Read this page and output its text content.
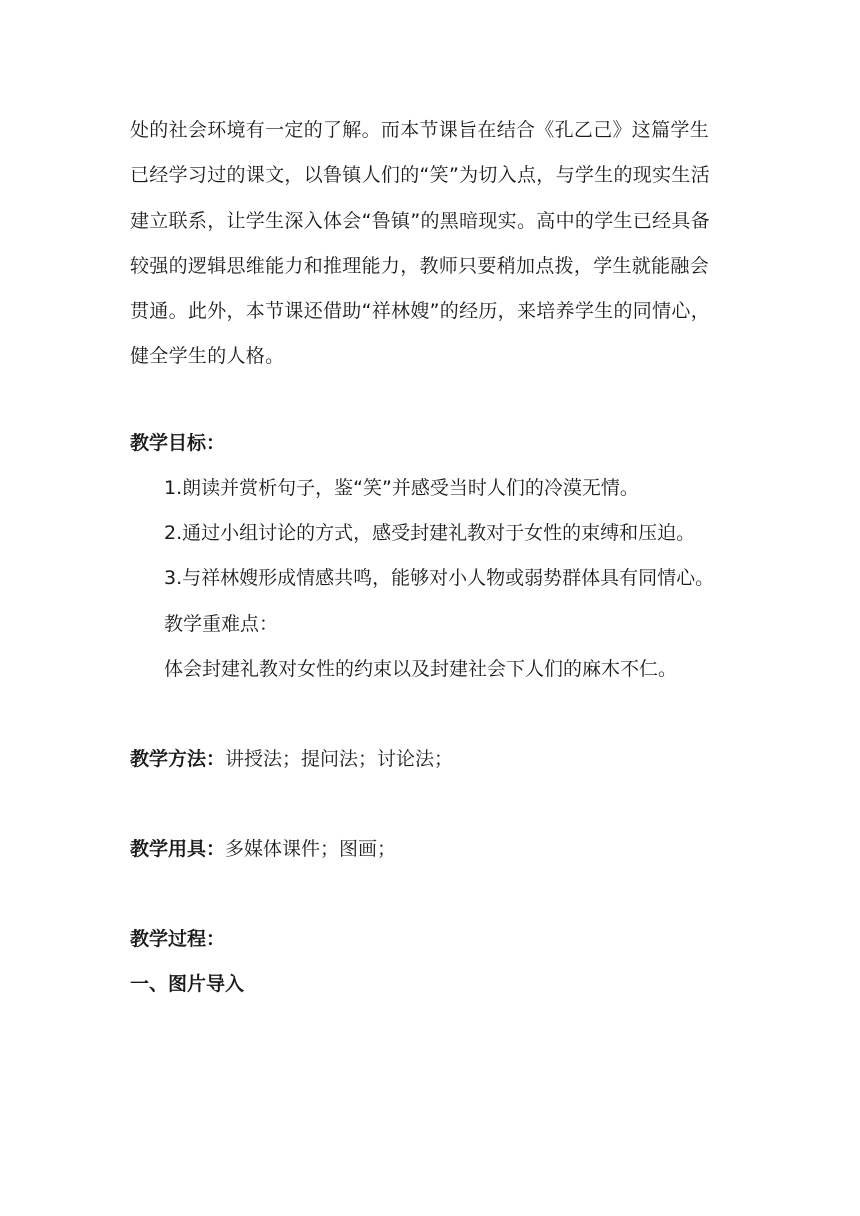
处的社会环境有一定的了解。而本节课旨在结合《孔乙己》这篇学生
已经学习过的课文，以鲁镇人们的“笑”为切入点，与学生的现实生活
建立联系，让学生深入体会“鲁镇”的黑暗现实。高中的学生已经具备
较强的逻辑思维能力和推理能力，教师只要稍加点拨，学生就能融会
贯通。此外，本节课还借助“祥林嫂”的经历，来培养学生的同情心，
健全学生的人格。

教学目标：

1.朗读并赏析句子，鉴“笑”并感受当时人们的冷漠无情。

2.通过小组讨论的方式，感受封建礼教对于女性的束缚和压迫。

3.与祥林嫂形成情感共鸣，能够对小人物或弱势群体具有同情心。

教学重难点：

体会封建礼教对女性的约束以及封建社会下人们的麻木不仁。

教学方法：讲授法；提问法；讨论法；

教学用具：多媒体课件；图画；

教学过程：

一、图片导入
